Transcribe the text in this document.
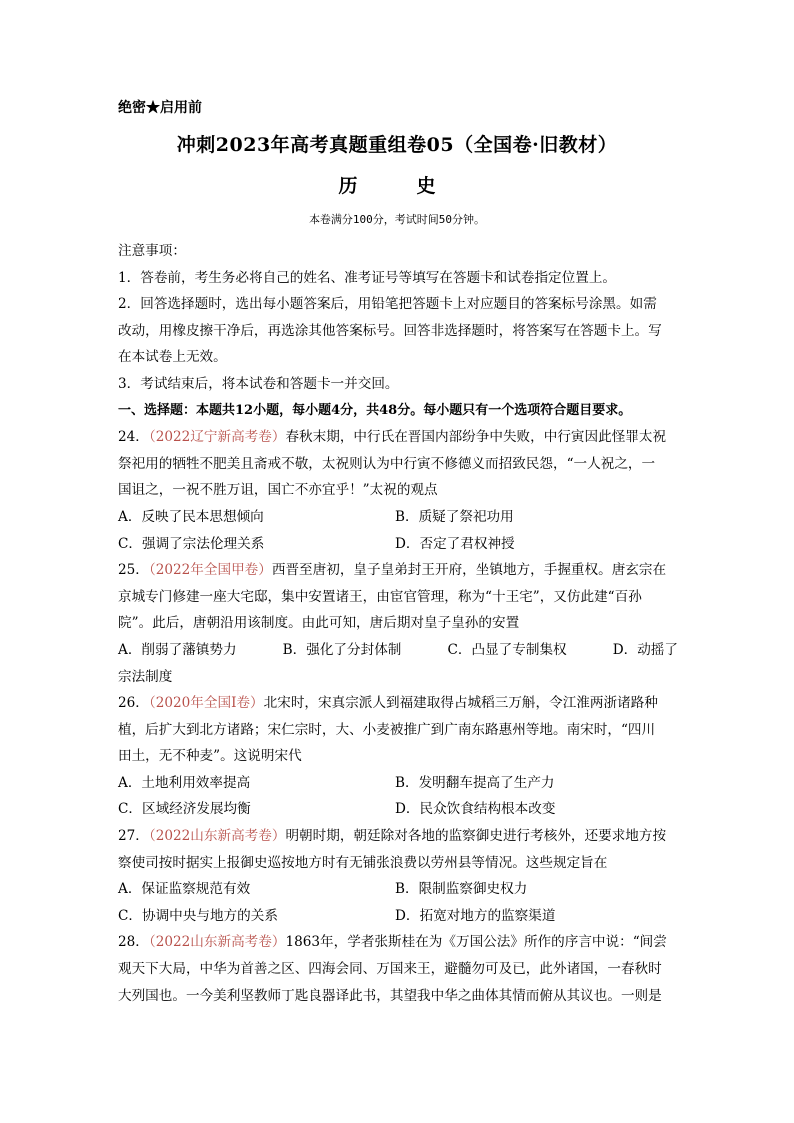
绝密★启用前
冲刺2023年高考真题重组卷05（全国卷·旧教材）
历　史
本卷满分100分，考试时间50分钟。
注意事项：
1．答卷前，考生务必将自己的姓名、准考证号等填写在答题卡和试卷指定位置上。
2．回答选择题时，选出每小题答案后，用铅笔把答题卡上对应题目的答案标号涂黑。如需
改动，用橡皮擦干净后，再选涂其他答案标号。回答非选择题时，将答案写在答题卡上。写
在本试卷上无效。
3．考试结束后，将本试卷和答题卡一并交回。
一、选择题：本题共12小题，每小题4分，共48分。每小题只有一个选项符合题目要求。
24．（2022辽宁新高考卷）春秋末期，中行氏在晋国内部纷争中失败，中行寅因此怪罪太祝
祭祀用的牺牲不肥美且斋戒不敬，太祝则认为中行寅不修德义而招致民怨，“一人祝之，一
国诅之，一祝不胜万诅，国亡不亦宜乎！”太祝的观点
A．反映了民本思想倾向	B．质疑了祭祀功用
C．强调了宗法伦理关系	D．否定了君权神授
25．（2022年全国甲卷）西晋至唐初，皇子皇弟封王开府，坐镇地方，手握重权。唐玄宗在
京城专门修建一座大宅邸，集中安置诸王，由宦官管理，称为“十王宅”，又仿此建“百孙
院”。此后，唐朝沿用该制度。由此可知，唐后期对皇子皇孙的安置
A．削弱了藩镇势力	B．强化了分封体制	C．凸显了专制集权	D．动摇了
宗法制度
26．（2020年全国Ⅰ卷）北宋时，宋真宗派人到福建取得占城稻三万斛，令江淮两浙诸路种
植，后扩大到北方诸路；宋仁宗时，大、小麦被推广到广南东路惠州等地。南宋时，“四川
田土，无不种麦”。这说明宋代
A．土地利用效率提高	B．发明翻车提高了生产力
C．区域经济发展均衡	D．民众饮食结构根本改变
27．（2022山东新高考卷）明朝时期，朝廷除对各地的监察御史进行考核外，还要求地方按
察使司按时据实上报御史巡按地方时有无铺张浪费以劳州县等情况。这些规定旨在
A．保证监察规范有效	B．限制监察御史权力
C．协调中央与地方的关系	D．拓宽对地方的监察渠道
28．（2022山东新高考卷）1863年，学者张斯桂在为《万国公法》所作的序言中说：“间尝
观天下大局，中华为首善之区、四海会同、万国来王，避髓勿可及已，此外诸国，一春秋时
大列国也。一今美利坚教师丁匙良器译此书，其望我中华之曲体其情而俯从其议也。一则是
